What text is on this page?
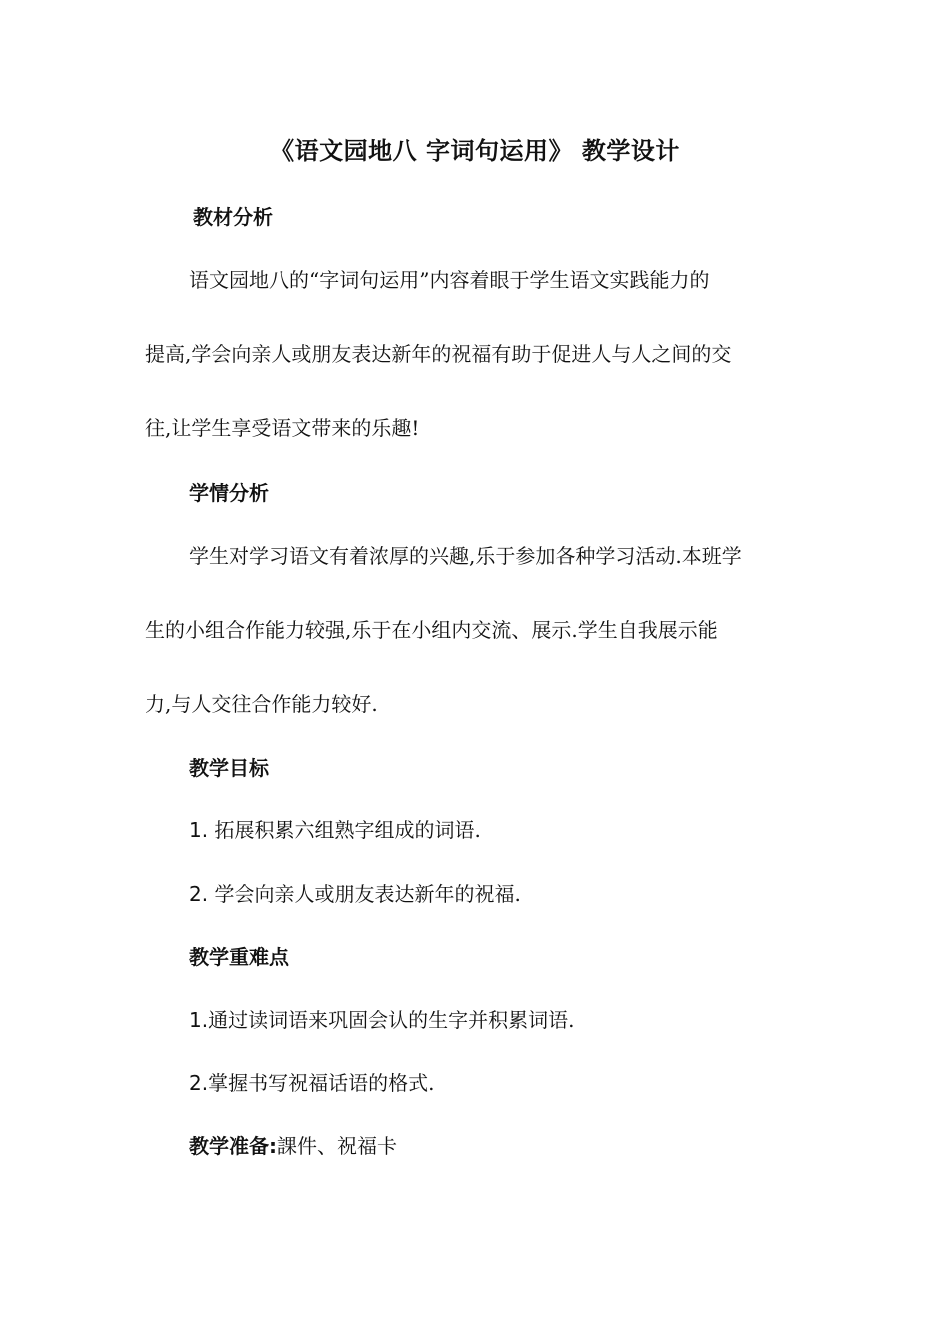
《语文园地八 字词句运用》 教学设计
教材分析
语文园地八的“字词句运用”内容着眼于学生语文实践能力的
提高,学会向亲人或朋友表达新年的祝福有助于促进人与人之间的交
往,让学生享受语文带来的乐趣!
学情分析
学生对学习语文有着浓厚的兴趣,乐于参加各种学习活动.本班学
生的小组合作能力较强,乐于在小组内交流、展示.学生自我展示能
力,与人交往合作能力较好.
教学目标
1. 拓展积累六组熟字组成的词语.
2. 学会向亲人或朋友表达新年的祝福.
教学重难点
1.通过读词语来巩固会认的生字并积累词语.
2.掌握书写祝福话语的格式.
教学准备:課件、祝福卡
